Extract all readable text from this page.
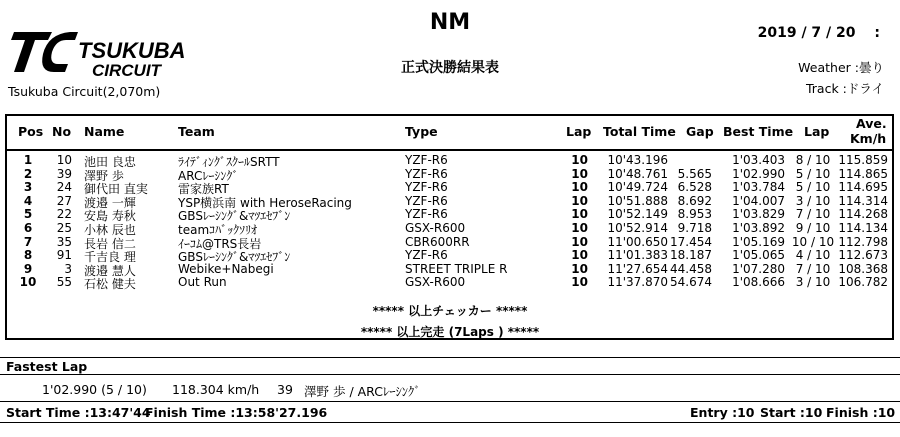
TSUKUBA
CIRCUIT
Tsukuba Circuit(2,070m)
NM
正式決勝結果表
2019 / 7 / 20　 :
Weather :曇り
Track :ドライ
Pos No Name	Team	Type	Lap Total Time Gap Best Time Lap
Ave.
Km/h
1	10 池田 良忠	ﾗｲﾃﾞｨﾝｸﾞｽｸｰﾙSRTT	YZF-R6	10	10'43.196	1'03.403 8 / 10 115.859
2	39 澤野 歩	ARCﾚｰｼﾝｸﾞ	YZF-R6	10	10'48.761 5.565	1'02.990 5 / 10 114.865
3	24 御代田 直実	雷家族RT	YZF-R6	10	10'49.724 6.528	1'03.784 5 / 10 114.695
4	27 渡邉 一輝	YSP横浜南 with HeroseRacing	YZF-R6	10	10'51.888 8.692	1'04.007 3 / 10 114.314
5	22 安島 寿秋	GBSﾚｰｼﾝｸﾞ&ﾏﾂｴｾﾌﾞﾝ	YZF-R6	10	10'52.149 8.953	1'03.829 7 / 10 114.268
6	25 小林 辰也	teamｺﾊﾞｯｸｿﾘｵ	GSX-R600	10	10'52.914 9.718	1'03.892 9 / 10 114.134
7	35 長岩 信二	ｲｰｺﾑ@TRS長岩	CBR600RR	10	11'00.650 17.454	1'05.169 10 / 10 112.798
8	91 千吉良 理	GBSﾚｰｼﾝｸﾞ&ﾏﾂｴｾﾌﾞﾝ	YZF-R6	10	11'01.383 18.187	1'05.065 4 / 10 112.673
9	3 渡邉 慧人	Webike+Nabegi	STREET TRIPLE R	10	11'27.654 44.458	1'07.280 7 / 10 108.368
10	55 石松 健夫	Out Run	GSX-R600	10	11'37.870 54.674	1'08.666 3 / 10 106.782
***** 以上チェッカー *****
***** 以上完走 (7Laps ) *****
Fastest Lap
1'02.990 (5 / 10) 118.304 km/h 39 澤野 歩 / ARCﾚｰｼﾝｸﾞ
Start Time :13:47'44
Finish Time :13:58'27.196	Entry :10 Start :10 Finish :10
